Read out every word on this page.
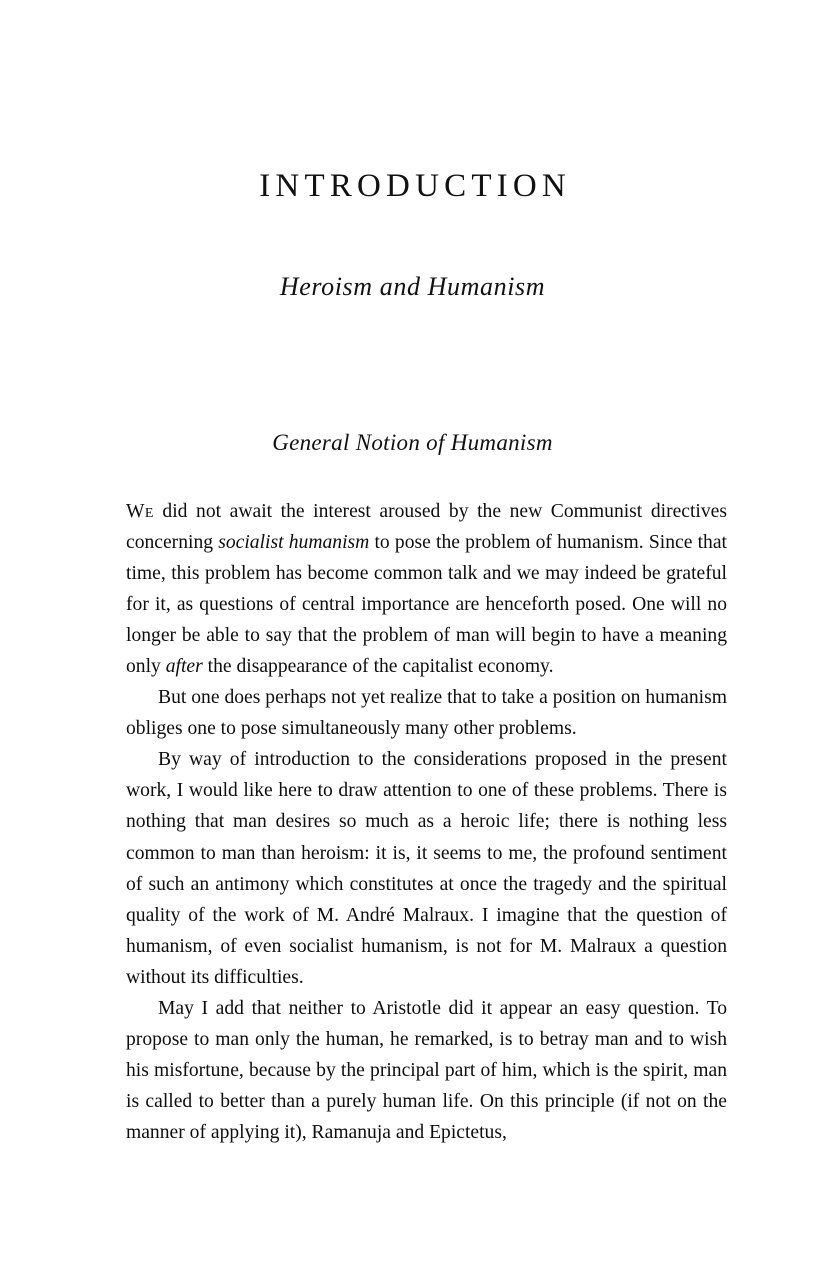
INTRODUCTION
Heroism and Humanism
General Notion of Humanism

We did not await the interest aroused by the new Communist directives concerning socialist humanism to pose the problem of humanism. Since that time, this problem has become common talk and we may indeed be grateful for it, as questions of central importance are henceforth posed. One will no longer be able to say that the problem of man will begin to have a meaning only after the disappearance of the capitalist economy.

But one does perhaps not yet realize that to take a position on humanism obliges one to pose simultaneously many other problems.

By way of introduction to the considerations proposed in the present work, I would like here to draw attention to one of these problems. There is nothing that man desires so much as a heroic life; there is nothing less common to man than heroism: it is, it seems to me, the profound sentiment of such an antimony which constitutes at once the tragedy and the spiritual quality of the work of M. André Malraux. I imagine that the question of humanism, of even socialist humanism, is not for M. Malraux a question without its difficulties.

May I add that neither to Aristotle did it appear an easy question. To propose to man only the human, he remarked, is to betray man and to wish his misfortune, because by the principal part of him, which is the spirit, man is called to better than a purely human life. On this principle (if not on the manner of applying it), Ramanuja and Epictetus,
